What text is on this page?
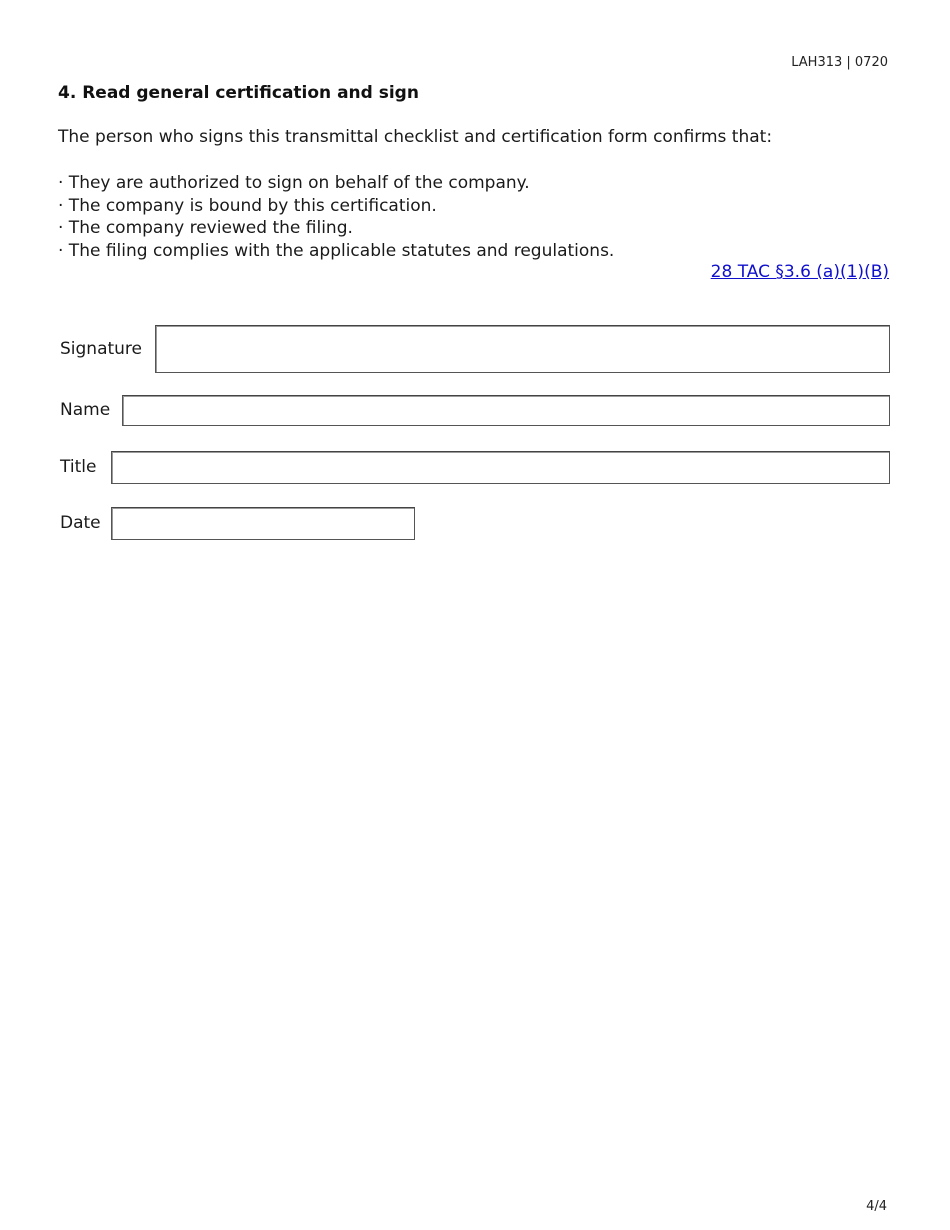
LAH313 | 0720
4. Read general certification and sign

The person who signs this transmittal checklist and certification form confirms that:

· They are authorized to sign on behalf of the company.
· The company is bound by this certification.
· The company reviewed the filing.
· The filing complies with the applicable statutes and regulations.
28 TAC §3.6 (a)(1)(B)
Signature
Name
Title
Date
4/4
